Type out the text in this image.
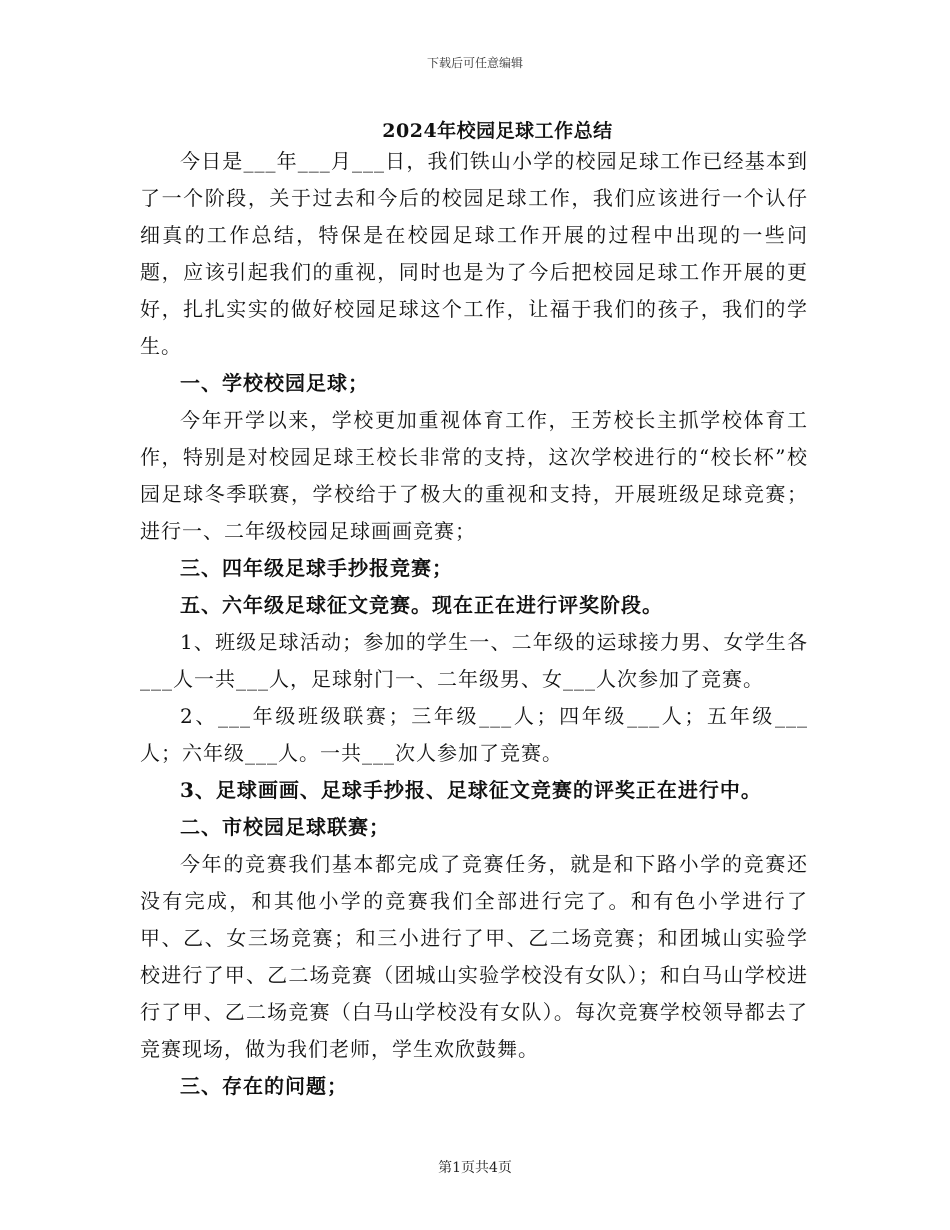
下载后可任意编辑
2024年校园足球工作总结

今日是___年___月___日，我们铁山小学的校园足球工作已经基本到了一个阶段，关于过去和今后的校园足球工作，我们应该进行一个认仔细真的工作总结，特保是在校园足球工作开展的过程中出现的一些问题，应该引起我们的重视，同时也是为了今后把校园足球工作开展的更好，扎扎实实的做好校园足球这个工作，让福于我们的孩子，我们的学生。

一、学校校园足球；

今年开学以来，学校更加重视体育工作，王芳校长主抓学校体育工作，特别是对校园足球王校长非常的支持，这次学校进行的“校长杯”校园足球冬季联赛，学校给于了极大的重视和支持，开展班级足球竞赛；进行一、二年级校园足球画画竞赛；

三、四年级足球手抄报竞赛；

五、六年级足球征文竞赛。现在正在进行评奖阶段。

1、班级足球活动；参加的学生一、二年级的运球接力男、女学生各___人一共___人，足球射门一、二年级男、女___人次参加了竞赛。

2、___年级班级联赛；三年级___人；四年级___人；五年级___人；六年级___人。一共___次人参加了竞赛。

3、足球画画、足球手抄报、足球征文竞赛的评奖正在进行中。

二、市校园足球联赛；

今年的竞赛我们基本都完成了竞赛任务，就是和下路小学的竞赛还没有完成，和其他小学的竞赛我们全部进行完了。和有色小学进行了甲、乙、女三场竞赛；和三小进行了甲、乙二场竞赛；和团城山实验学校进行了甲、乙二场竞赛（团城山实验学校没有女队）；和白马山学校进行了甲、乙二场竞赛（白马山学校没有女队）。每次竞赛学校领导都去了竞赛现场，做为我们老师，学生欢欣鼓舞。

三、存在的问题；

第1页共4页
